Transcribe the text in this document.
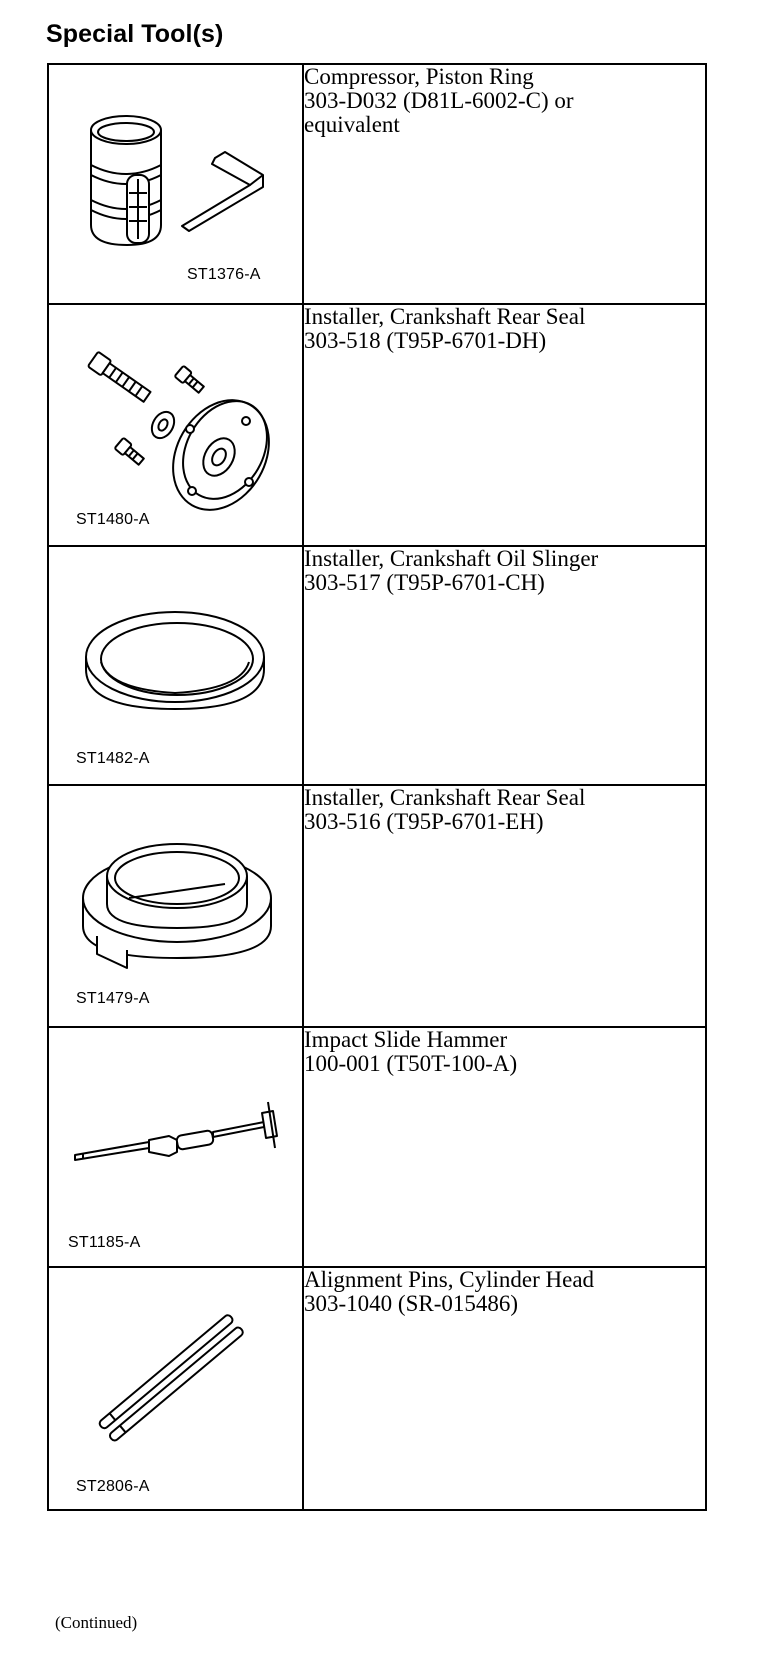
Special Tool(s)
ST1376-A	Compressor, Piston Ring
303-D032 (D81L-6002-C) or
equivalent

ST1480-A	Installer, Crankshaft Rear Seal
303-518 (T95P-6701-DH)

ST1482-A	Installer, Crankshaft Oil Slinger
303-517 (T95P-6701-CH)

ST1479-A	Installer, Crankshaft Rear Seal
303-516 (T95P-6701-EH)

ST1185-A	Impact Slide Hammer
100-001 (T50T-100-A)

ST2806-A	Alignment Pins, Cylinder Head
303-1040 (SR-015486)
(Continued)
